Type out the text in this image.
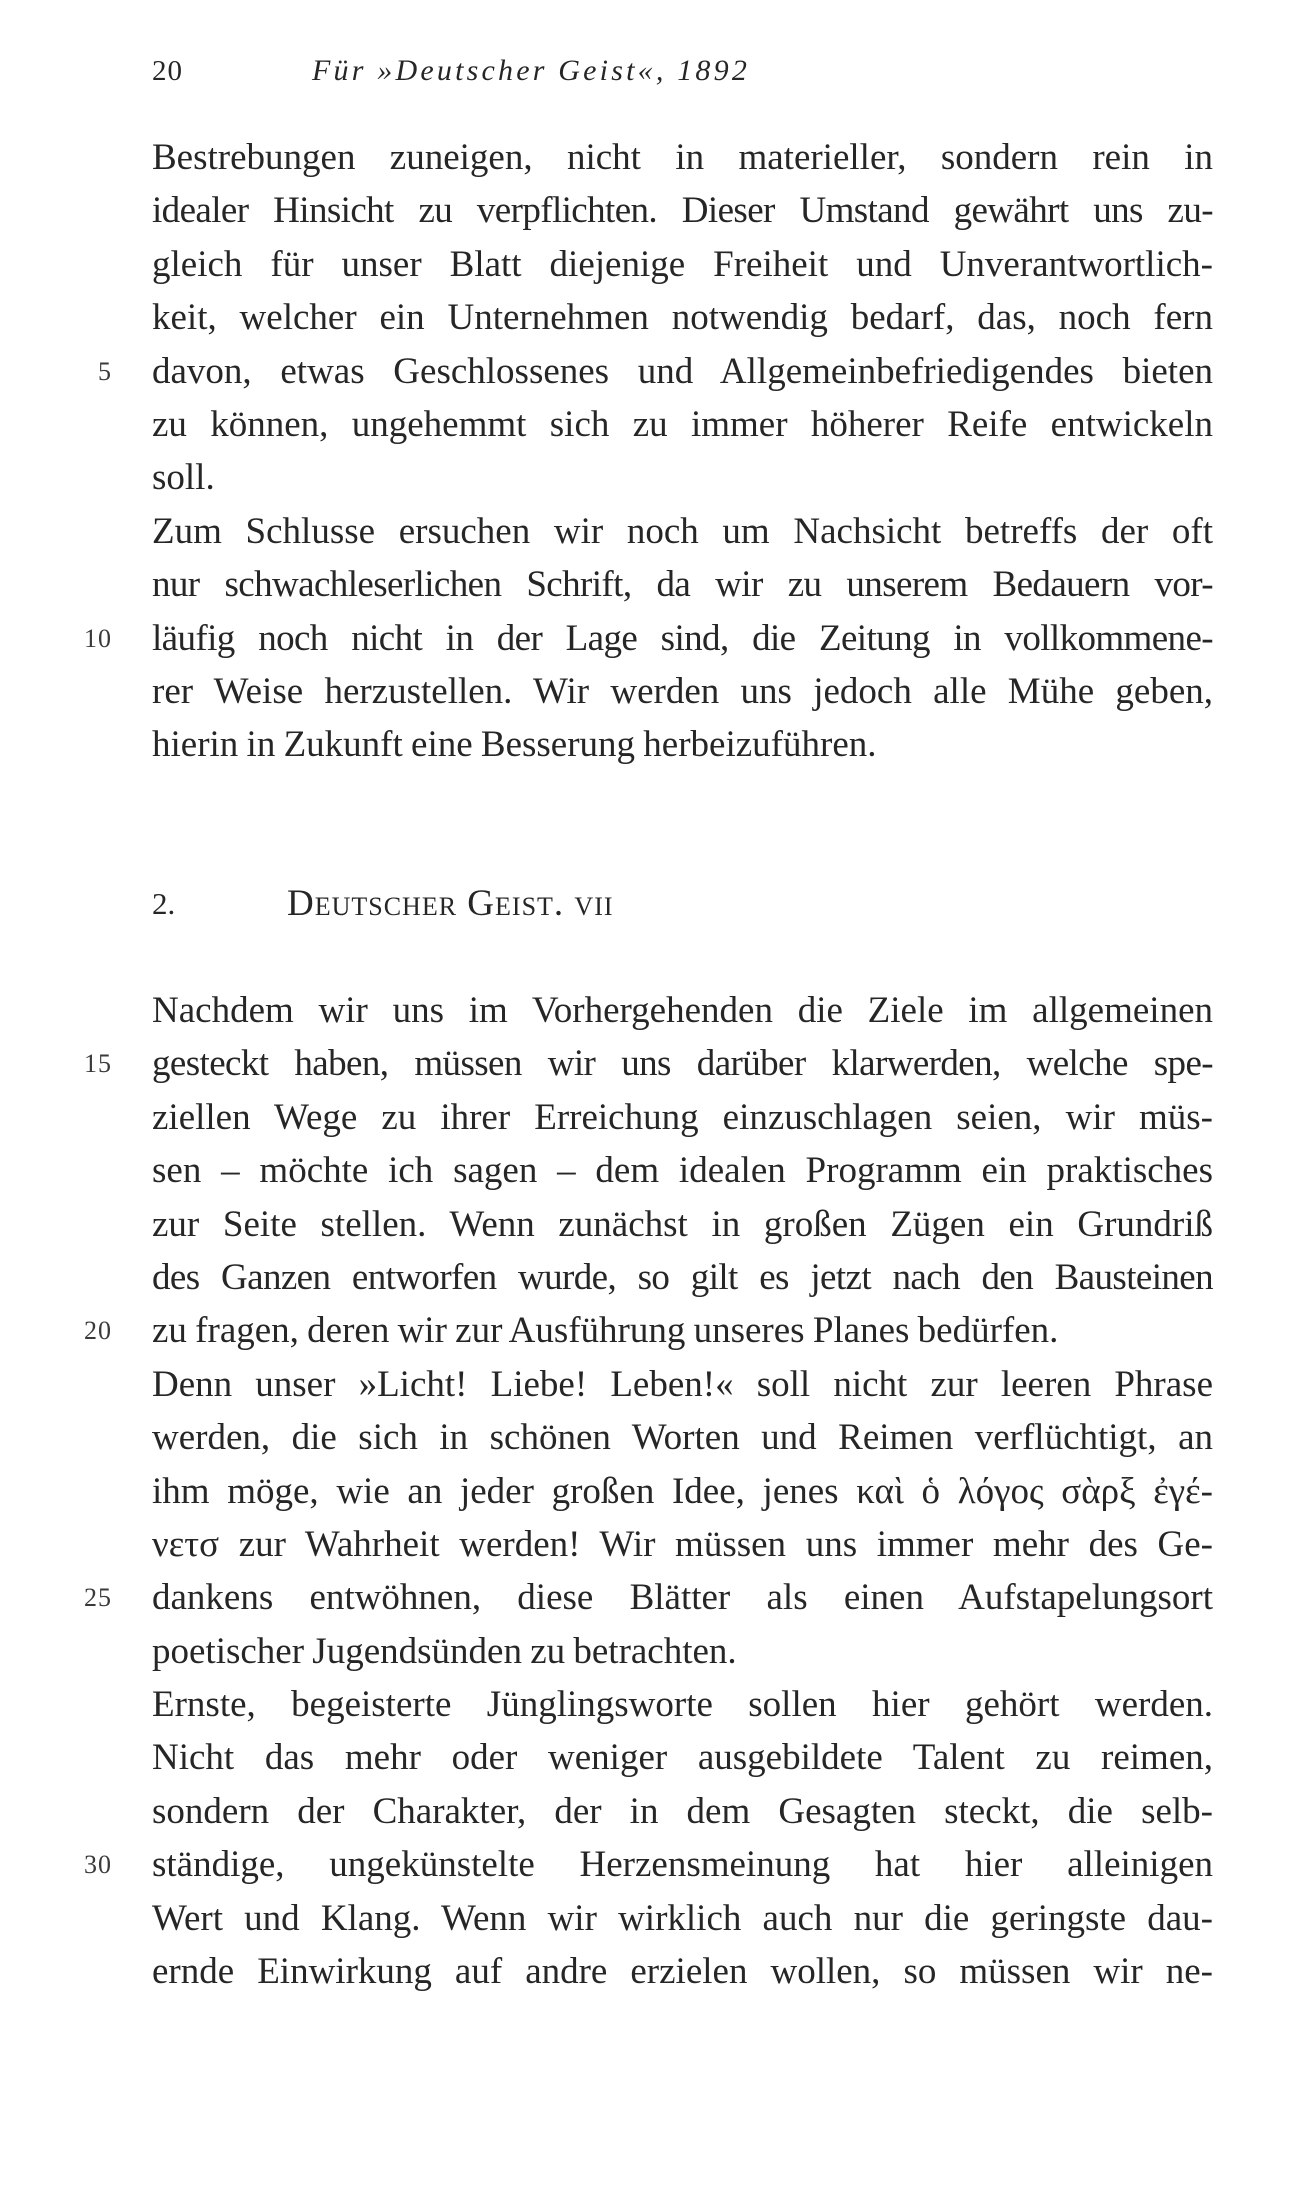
20	Für »Deutscher Geist«, 1892
Bestrebungen zuneigen, nicht in materieller, sondern rein in
idealer Hinsicht zu verpflichten. Dieser Umstand gewährt uns zu-
gleich für unser Blatt diejenige Freiheit und Unverantwortlich-
keit, welcher ein Unternehmen notwendig bedarf, das, noch fern
5 davon, etwas Geschlossenes und Allgemeinbefriedigendes bieten
zu können, ungehemmt sich zu immer höherer Reife entwickeln
soll.
Zum Schlusse ersuchen wir noch um Nachsicht betreffs der oft
nur schwachleserlichen Schrift, da wir zu unserem Bedauern vor-
10 läufig noch nicht in der Lage sind, die Zeitung in vollkommene-
rer Weise herzustellen. Wir werden uns jedoch alle Mühe geben,
hierin in Zukunft eine Besserung herbeizuführen.
2.	Deutscher Geist. vii
Nachdem wir uns im Vorhergehenden die Ziele im allgemeinen
15 gesteckt haben, müssen wir uns darüber klarwerden, welche spe-
ziellen Wege zu ihrer Erreichung einzuschlagen seien, wir müs-
sen – möchte ich sagen – dem idealen Programm ein praktisches
zur Seite stellen. Wenn zunächst in großen Zügen ein Grundriß
des Ganzen entworfen wurde, so gilt es jetzt nach den Bausteinen
20 zu fragen, deren wir zur Ausführung unseres Planes bedürfen.
Denn unser »Licht! Liebe! Leben!« soll nicht zur leeren Phrase
werden, die sich in schönen Worten und Reimen verflüchtigt, an
ihm möge, wie an jeder großen Idee, jenes καὶ ὁ λόγος σὰρξ ἐγέ-
νετσ zur Wahrheit werden! Wir müssen uns immer mehr des Ge-
25 dankens entwöhnen, diese Blätter als einen Aufstapelungsort
poetischer Jugendsünden zu betrachten.
Ernste, begeisterte Jünglingsworte sollen hier gehört werden.
Nicht das mehr oder weniger ausgebildete Talent zu reimen,
sondern der Charakter, der in dem Gesagten steckt, die selb-
30 ständige, ungekünstelte Herzensmeinung hat hier alleinigen
Wert und Klang. Wenn wir wirklich auch nur die geringste dau-
ernde Einwirkung auf andre erzielen wollen, so müssen wir ne-
